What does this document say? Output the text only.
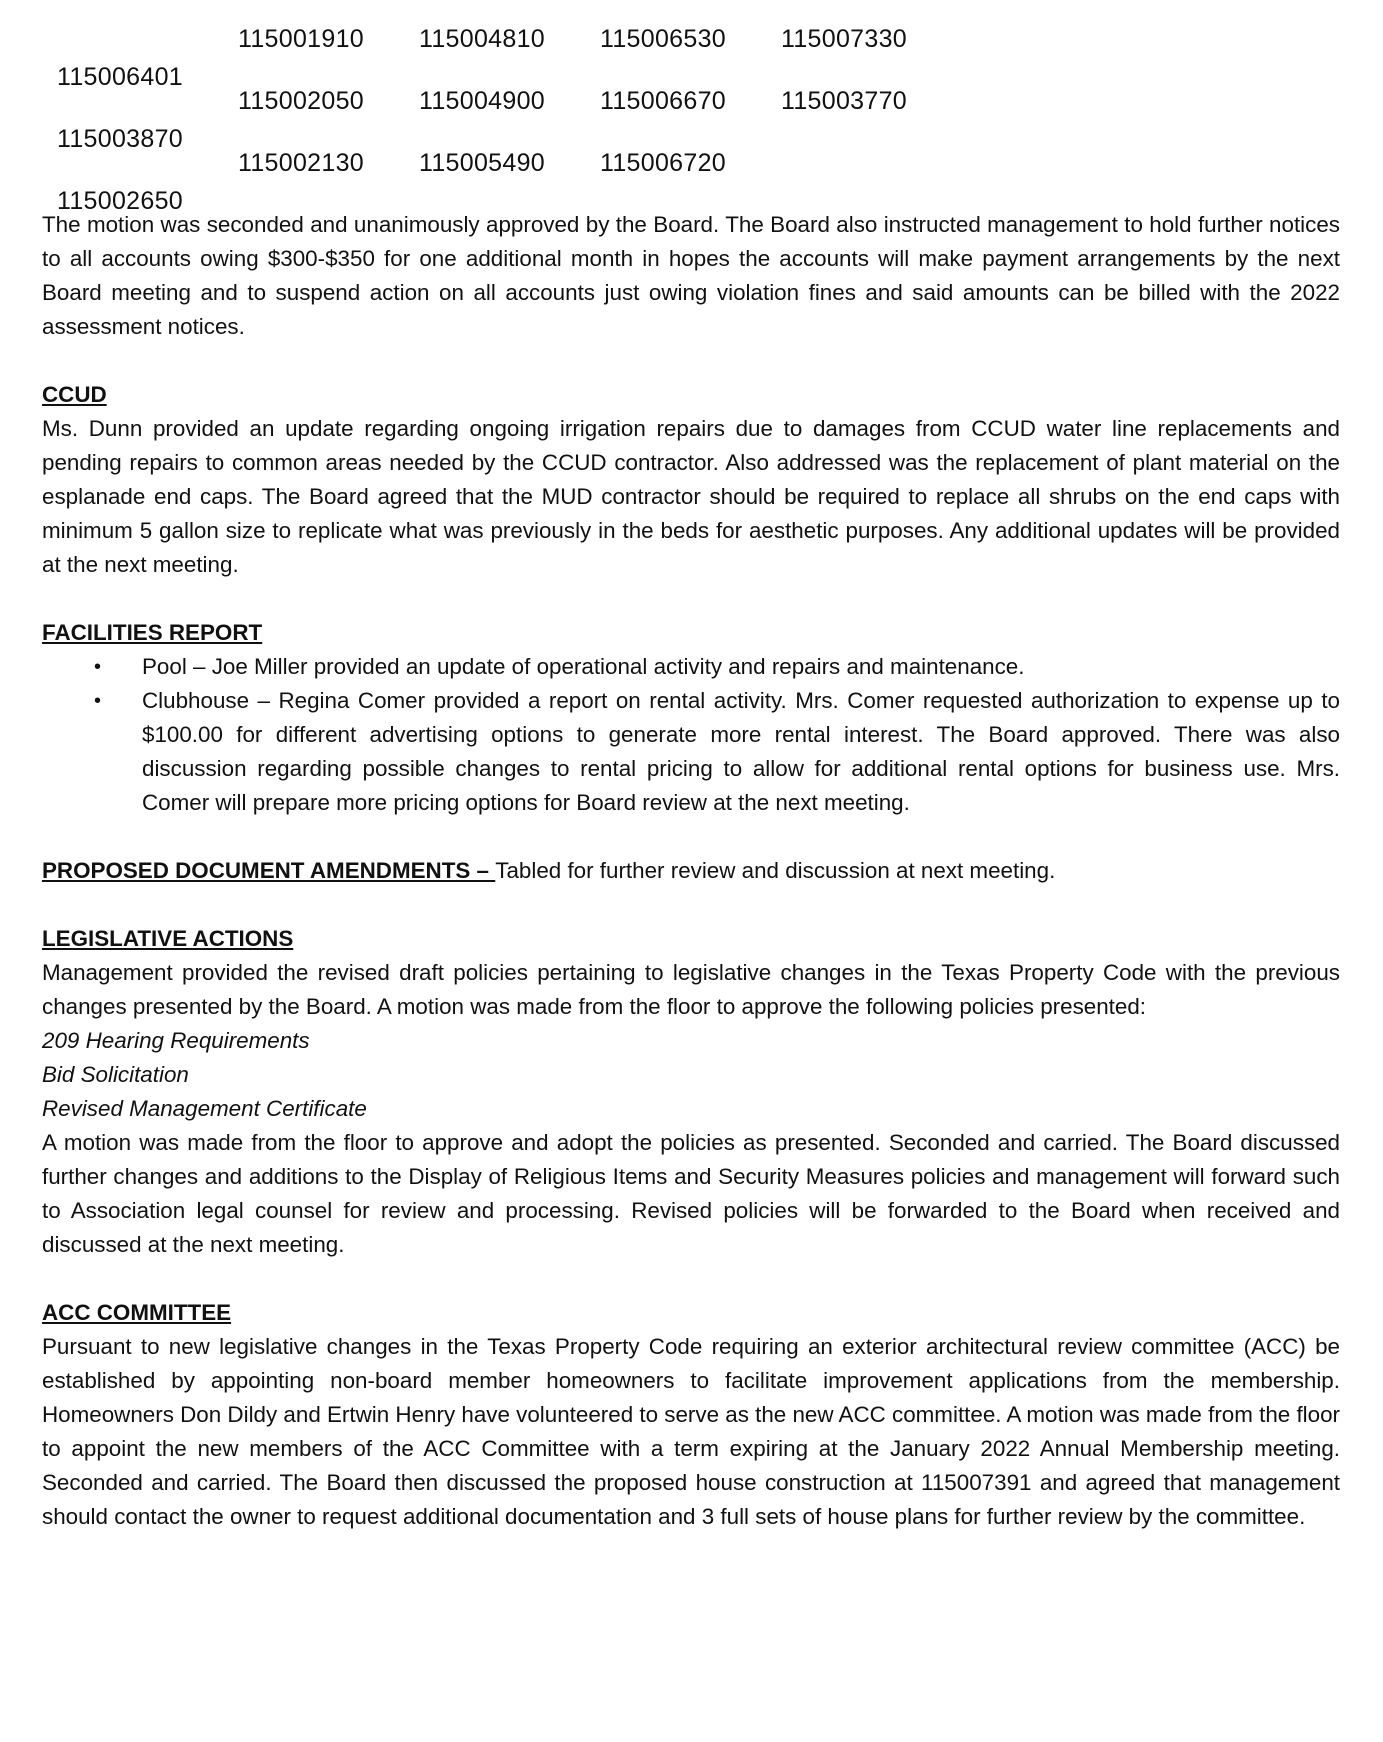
115006401
115003870
115002650
115001910
115002050
115002130
115004810
115004900
115005490
115006530
115006670
115006720
115007330
115003770

The motion was seconded and unanimously approved by the Board. The Board also instructed management to hold further notices to all accounts owing $300-$350 for one additional month in hopes the accounts will make payment arrangements by the next Board meeting and to suspend action on all accounts just owing violation fines and said amounts can be billed with the 2022 assessment notices.

CCUD

Ms. Dunn provided an update regarding ongoing irrigation repairs due to damages from CCUD water line replacements and pending repairs to common areas needed by the CCUD contractor. Also addressed was the replacement of plant material on the esplanade end caps. The Board agreed that the MUD contractor should be required to replace all shrubs on the end caps with minimum 5 gallon size to replicate what was previously in the beds for aesthetic purposes. Any additional updates will be provided at the next meeting.

FACILITIES REPORT
• Pool – Joe Miller provided an update of operational activity and repairs and maintenance.
• Clubhouse – Regina Comer provided a report on rental activity. Mrs. Comer requested authorization to expense up to $100.00 for different advertising options to generate more rental interest. The Board approved. There was also discussion regarding possible changes to rental pricing to allow for additional rental options for business use. Mrs. Comer will prepare more pricing options for Board review at the next meeting.

PROPOSED DOCUMENT AMENDMENTS – Tabled for further review and discussion at next meeting.

LEGISLATIVE ACTIONS

Management provided the revised draft policies pertaining to legislative changes in the Texas Property Code with the previous changes presented by the Board. A motion was made from the floor to approve the following policies presented:

209 Hearing Requirements
Bid Solicitation
Revised Management Certificate

A motion was made from the floor to approve and adopt the policies as presented. Seconded and carried. The Board discussed further changes and additions to the Display of Religious Items and Security Measures policies and management will forward such to Association legal counsel for review and processing. Revised policies will be forwarded to the Board when received and discussed at the next meeting.

ACC COMMITTEE

Pursuant to new legislative changes in the Texas Property Code requiring an exterior architectural review committee (ACC) be established by appointing non-board member homeowners to facilitate improvement applications from the membership. Homeowners Don Dildy and Ertwin Henry have volunteered to serve as the new ACC committee. A motion was made from the floor to appoint the new members of the ACC Committee with a term expiring at the January 2022 Annual Membership meeting. Seconded and carried. The Board then discussed the proposed house construction at 115007391 and agreed that management should contact the owner to request additional documentation and 3 full sets of house plans for further review by the committee.
